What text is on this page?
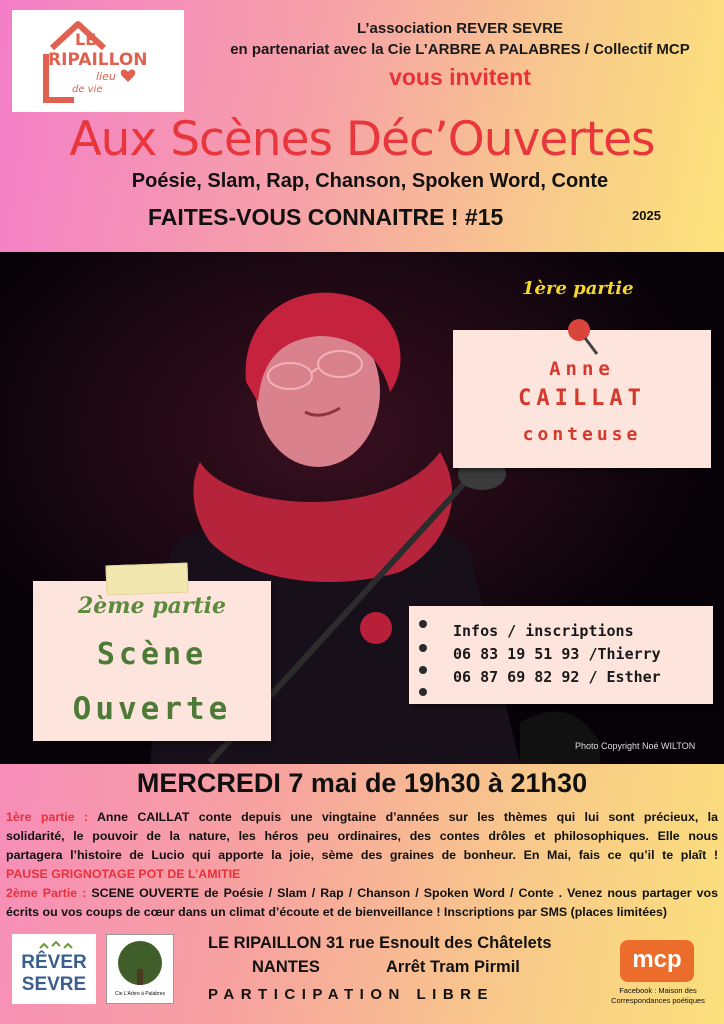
LE
RIPAILLON
lieu
de vie
L’association REVER SEVRE
en partenariat avec la Cie L’ARBRE A PALABRES / Collectif MCP
vous invitent
Aux Scènes Déc’Ouvertes
Poésie, Slam, Rap, Chanson, Spoken Word, Conte
FAITES-VOUS CONNAITRE ! #15	2025
1ère partie
Anne
CAILLAT
conteuse
2ème partie
Scène
Ouverte
Infos / inscriptions
06 83 19 51 93 /Thierry
06 87 69 82 92 / Esther
Photo Copyright Noé WILTON
MERCREDI 7 mai de 19h30 à 21h30
1ère partie : Anne CAILLAT conte depuis une vingtaine d’années sur les thèmes qui lui sont précieux, la
solidarité, le pouvoir de la nature, les héros peu ordinaires, des contes drôles et philosophiques. Elle nous
partagera l’histoire de Lucio qui apporte la joie, sème des graines de bonheur. En Mai, fais ce qu’il te plaît !
PAUSE GRIGNOTAGE POT DE L’AMITIE
2ème Partie : SCENE OUVERTE de Poésie / Slam / Rap / Chanson / Spoken Word / Conte . Venez nous partager vos
écrits ou vos coups de cœur dans un climat d’écoute et de bienveillance ! Inscriptions par SMS (places limitées)
RÊVER
SEVRE	Cie L’Arbre à Palabres
LE RIPAILLON 31 rue Esnoult des Châtelets
NANTES	Arrêt Tram Pirmil
PARTICIPATION LIBRE
mcp
Facebook : Maison des
Correspondances poétiques
